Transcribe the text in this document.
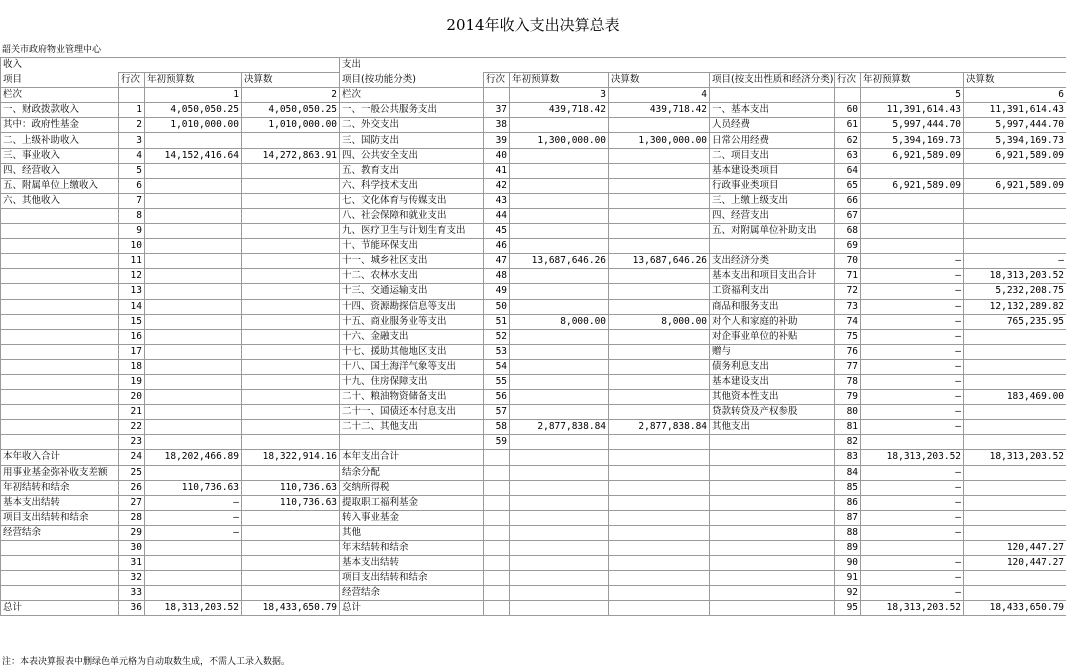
2014年收入支出决算总表
韶关市政府物业管理中心
收入				支出							
项目	行次	年初预算数	决算数	项目(按功能分类)	行次	年初预算数	决算数	项目(按支出性质和经济分类)	行次	年初预算数	决算数
栏次		1	2	栏次		3	4			5	6
一、财政拨款收入	1	4,050,050.25	4,050,050.25	一、一般公共服务支出	37	439,718.42	439,718.42	一、基本支出	60	11,391,614.43	11,391,614.43
其中：政府性基金	2	1,010,000.00	1,010,000.00	二、外交支出	38			人员经费	61	5,997,444.70	5,997,444.70
二、上级补助收入	3			三、国防支出	39	1,300,000.00	1,300,000.00	日常公用经费	62	5,394,169.73	5,394,169.73
三、事业收入	4	14,152,416.64	14,272,863.91	四、公共安全支出	40			二、项目支出	63	6,921,589.09	6,921,589.09
四、经营收入	5			五、教育支出	41			基本建设类项目	64		
五、附属单位上缴收入	6			六、科学技术支出	42			行政事业类项目	65	6,921,589.09	6,921,589.09
六、其他收入	7			七、文化体育与传媒支出	43			三、上缴上级支出	66		
	8			八、社会保障和就业支出	44			四、经营支出	67		
	9			九、医疗卫生与计划生育支出	45			五、对附属单位补助支出	68		
	10			十、节能环保支出	46				69		
	11			十一、城乡社区支出	47	13,687,646.26	13,687,646.26	支出经济分类	70	—	—
	12			十二、农林水支出	48			基本支出和项目支出合计	71	—	18,313,203.52
	13			十三、交通运输支出	49			工资福利支出	72	—	5,232,208.75
	14			十四、资源勘探信息等支出	50			商品和服务支出	73	—	12,132,289.82
	15			十五、商业服务业等支出	51	8,000.00	8,000.00	对个人和家庭的补助	74	—	765,235.95
	16			十六、金融支出	52			对企事业单位的补贴	75	—	
	17			十七、援助其他地区支出	53			赠与	76	—	
	18			十八、国土海洋气象等支出	54			债务利息支出	77	—	
	19			十九、住房保障支出	55			基本建设支出	78	—	
	20			二十、粮油物资储备支出	56			其他资本性支出	79	—	183,469.00
	21			二十一、国债还本付息支出	57			贷款转贷及产权参股	80	—	
	22			二十二、其他支出	58	2,877,838.84	2,877,838.84	其他支出	81	—	
	23				59				82		
本年收入合计	24	18,202,466.89	18,322,914.16	本年支出合计					83	18,313,203.52	18,313,203.52
用事业基金弥补收支差额	25			结余分配					84	—	
年初结转和结余	26	110,736.63	110,736.63	交纳所得税					85	—	
基本支出结转	27	—	110,736.63	提取职工福利基金					86	—	
项目支出结转和结余	28	—		转入事业基金					87	—	
经营结余	29	—		其他					88	—	
	30			年末结转和结余					89		120,447.27
	31			基本支出结转					90	—	120,447.27
	32			项目支出结转和结余					91	—	
	33			经营结余					92	—	
总计	36	18,313,203.52	18,433,650.79	总计					95	18,313,203.52	18,433,650.79
注：本表决算报表中删绿色单元格为自动取数生成，不需人工录入数据。
